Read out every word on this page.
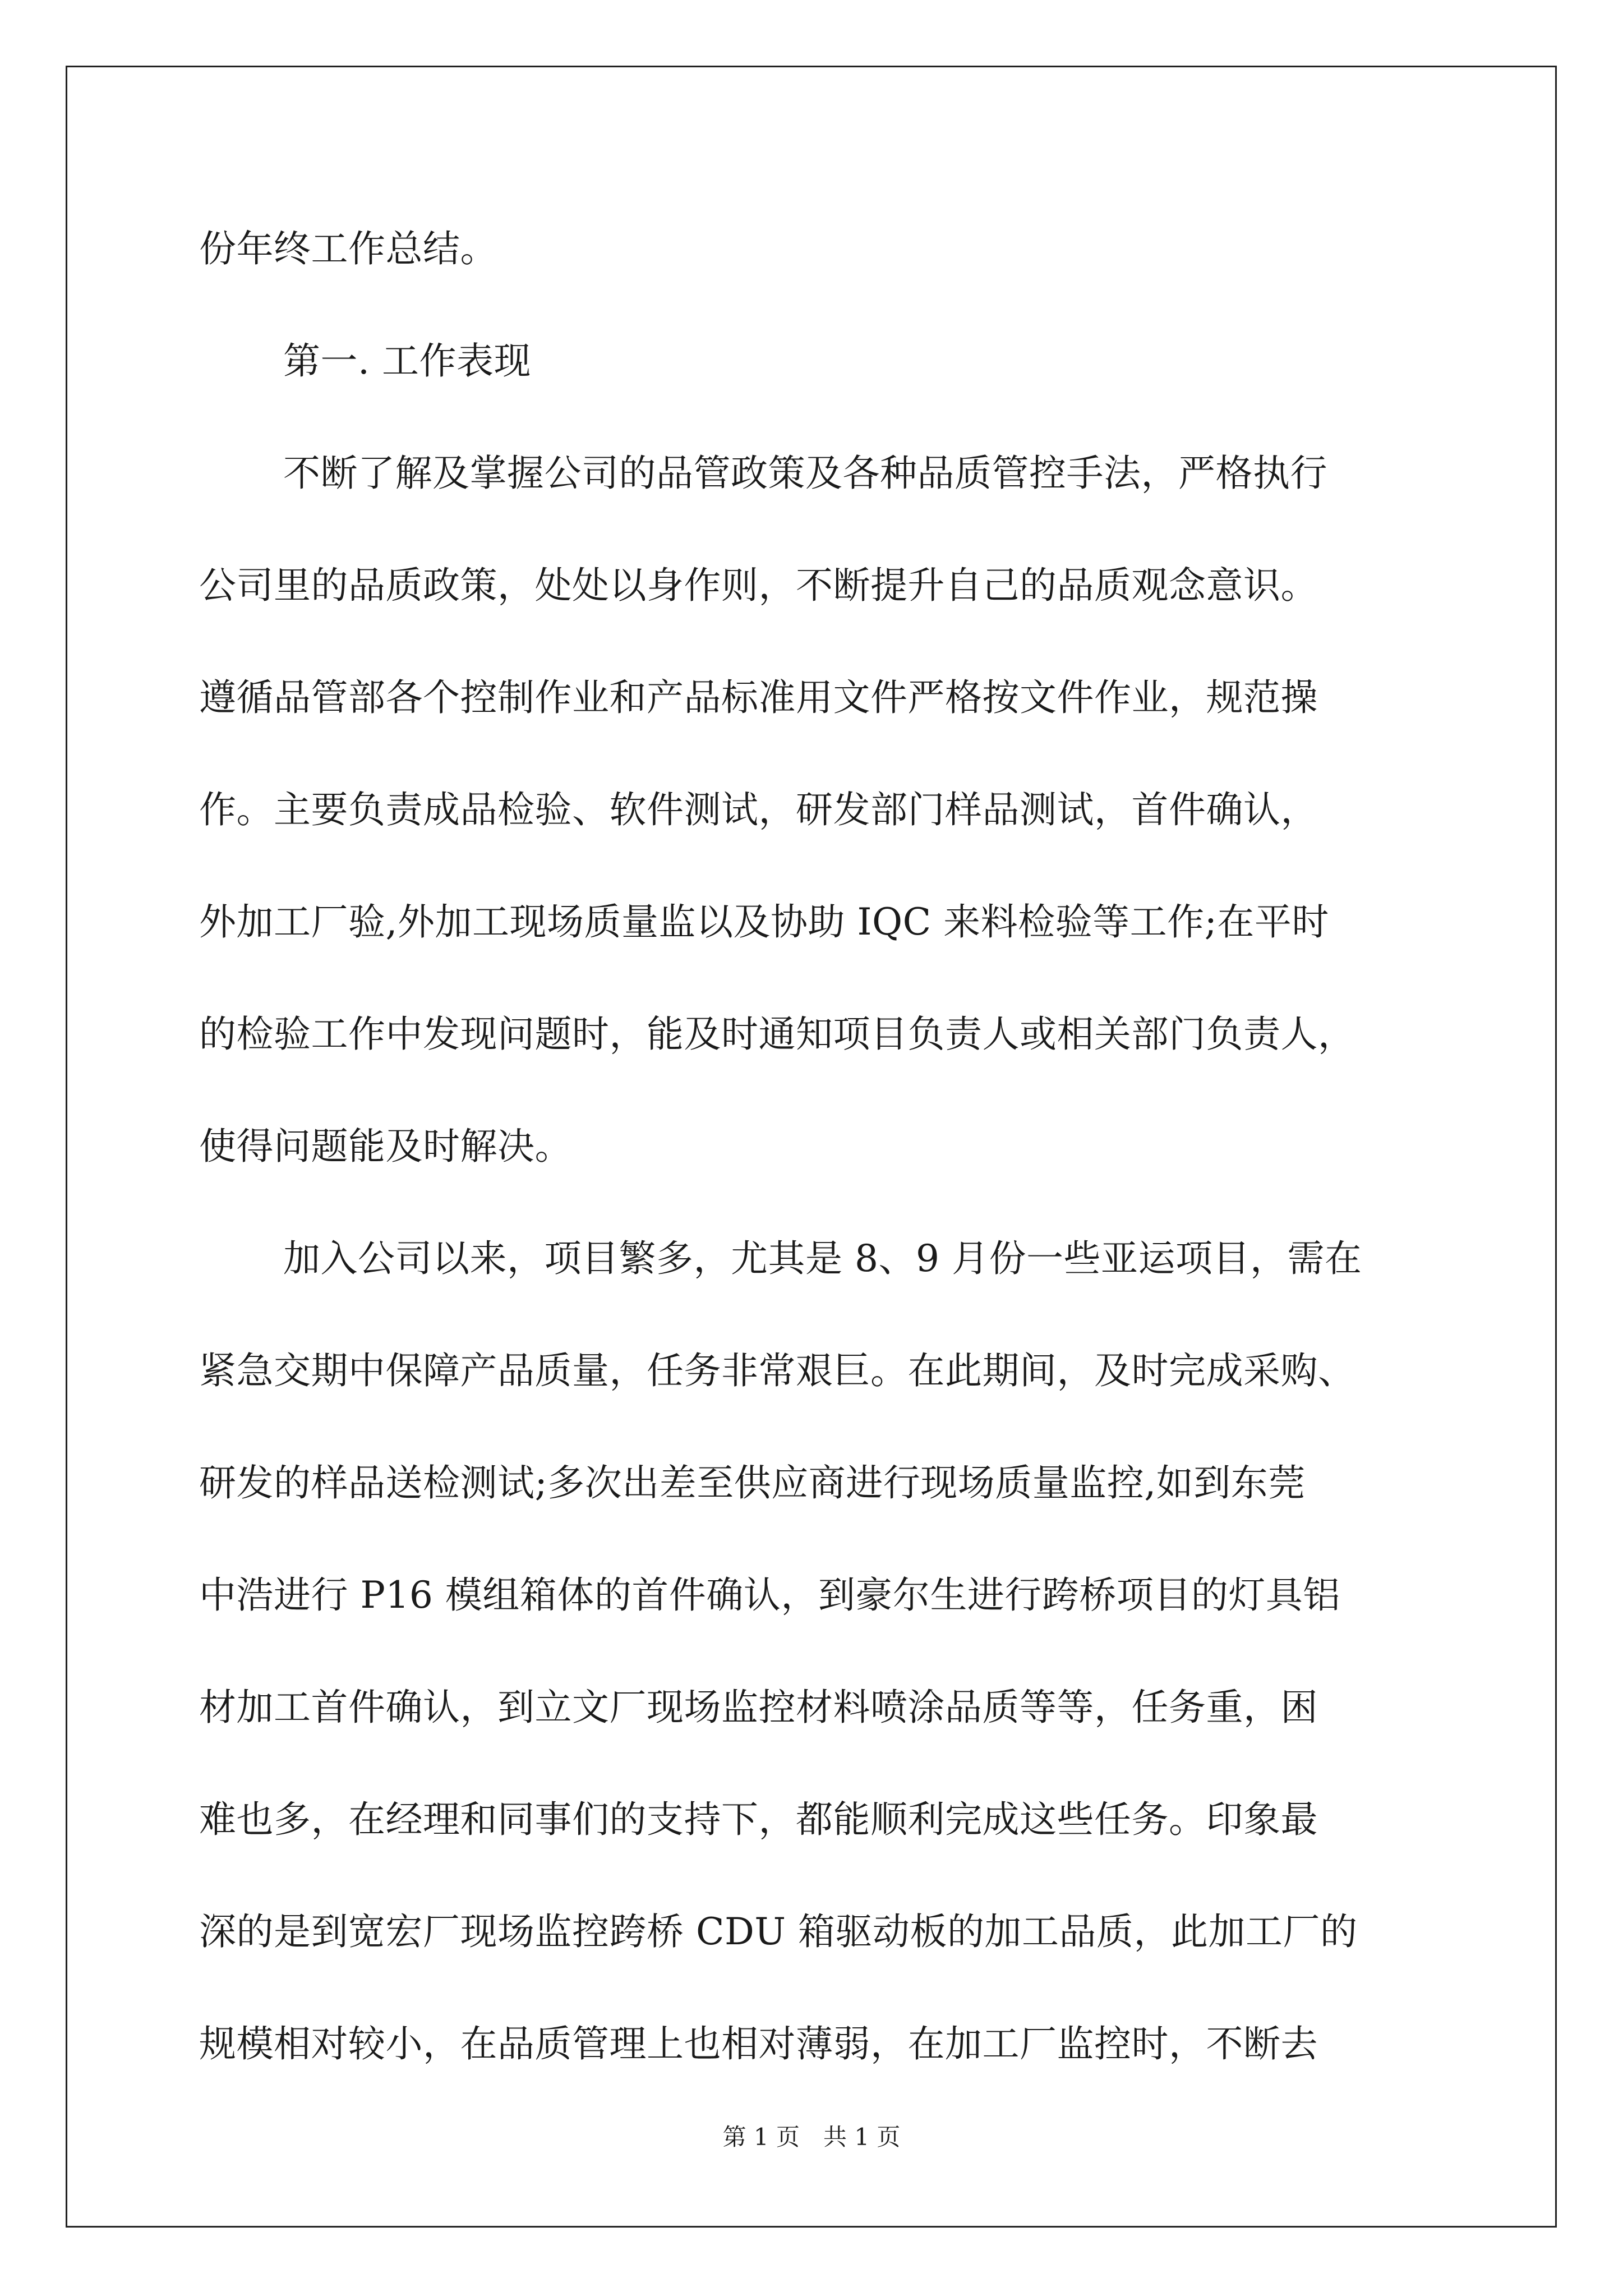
份年终工作总结。
第一. 工作表现
不断了解及掌握公司的品管政策及各种品质管控手法，严格执行
公司里的品质政策，处处以身作则，不断提升自己的品质观念意识。
遵循品管部各个控制作业和产品标准用文件严格按文件作业，规范操
作。主要负责成品检验、软件测试，研发部门样品测试，首件确认，
外加工厂验,外加工现场质量监以及协助 IQC 来料检验等工作;在平时
的检验工作中发现问题时，能及时通知项目负责人或相关部门负责人，
使得问题能及时解决。
加入公司以来，项目繁多，尤其是 8、9 月份一些亚运项目，需在
紧急交期中保障产品质量，任务非常艰巨。在此期间，及时完成采购、
研发的样品送检测试;多次出差至供应商进行现场质量监控,如到东莞
中浩进行 P16 模组箱体的首件确认，到豪尔生进行跨桥项目的灯具铝
材加工首件确认，到立文厂现场监控材料喷涂品质等等，任务重，困
难也多，在经理和同事们的支持下，都能顺利完成这些任务。印象最
深的是到宽宏厂现场监控跨桥 CDU 箱驱动板的加工品质，此加工厂的
规模相对较小，在品质管理上也相对薄弱，在加工厂监控时，不断去
第 1 页　共 1 页
